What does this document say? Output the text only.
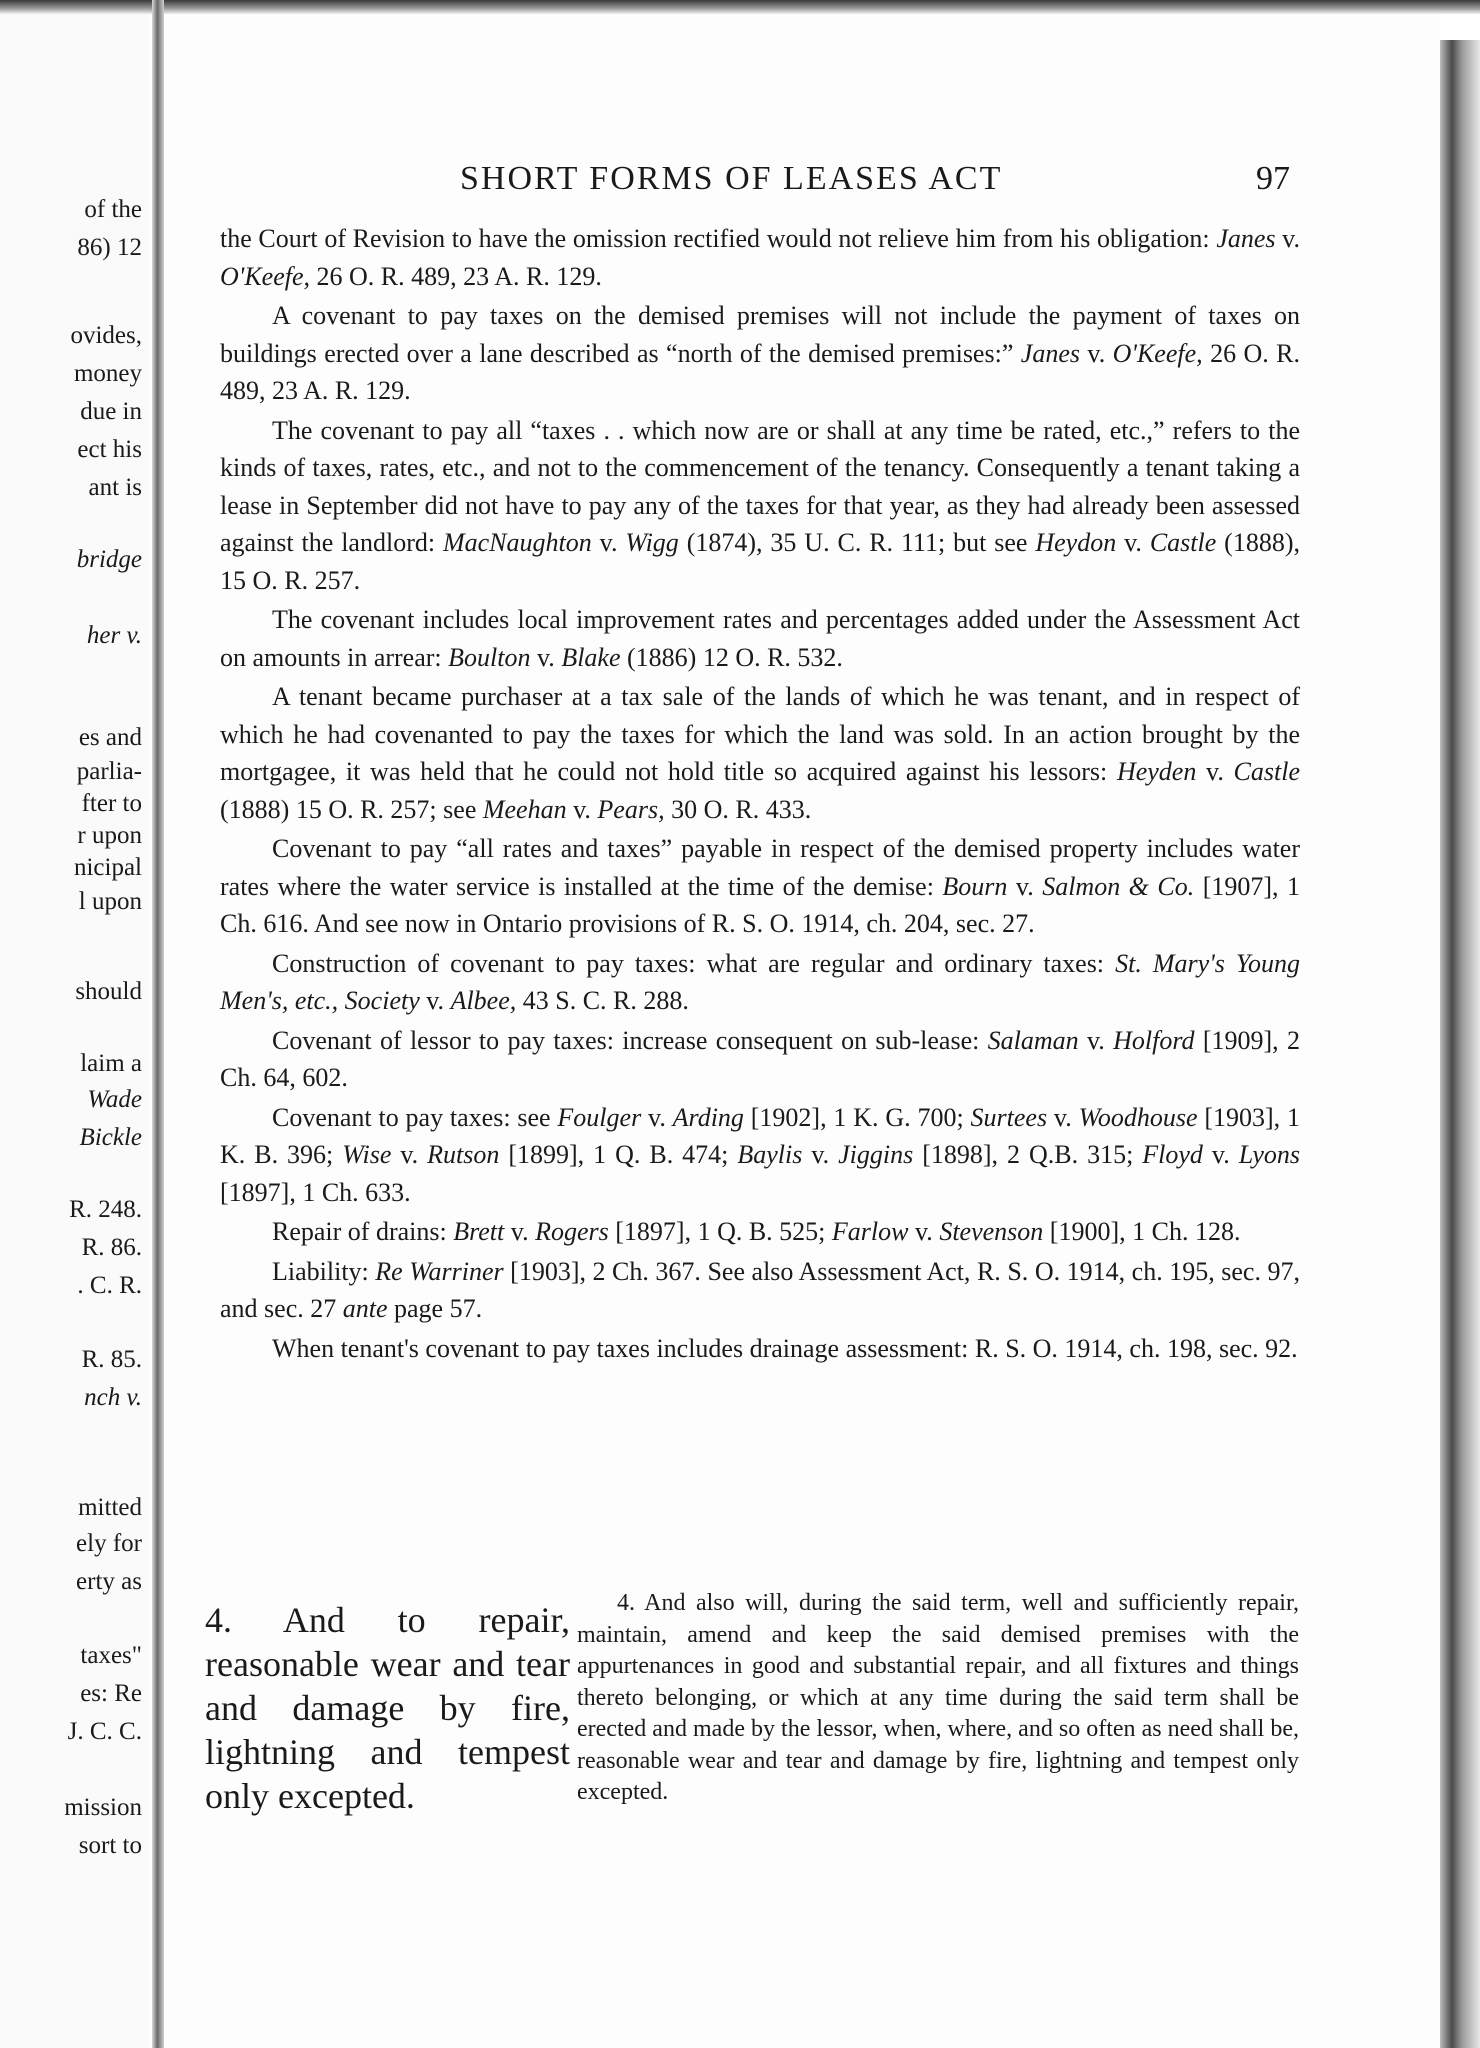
of the
86) 12
ovides,
money
due in
ect his
ant is
bridge
her v.
es and
parlia-
fter to
r upon
nicipal
l upon
should
laim a
Wade
Bickle
R. 248.
R. 86.
. C. R.
R. 85.
nch v.
mitted
ely for
erty as
taxes"
es: Re
J. C. C.
mission
sort to
SHORT FORMS OF LEASES ACT	97

the Court of Revision to have the omission rectified would not relieve him from his obligation: Janes v. O'Keefe, 26 O. R. 489, 23 A. R. 129.

A covenant to pay taxes on the demised premises will not include the payment of taxes on buildings erected over a lane described as “north of the demised premises:” Janes v. O'Keefe, 26 O. R. 489, 23 A. R. 129.

The covenant to pay all “taxes . . which now are or shall at any time be rated, etc.,” refers to the kinds of taxes, rates, etc., and not to the commencement of the tenancy. Consequently a tenant taking a lease in September did not have to pay any of the taxes for that year, as they had already been assessed against the landlord: MacNaughton v. Wigg (1874), 35 U. C. R. 111; but see Heydon v. Castle (1888), 15 O. R. 257.

The covenant includes local improvement rates and percentages added under the Assessment Act on amounts in arrear: Boulton v. Blake (1886) 12 O. R. 532.

A tenant became purchaser at a tax sale of the lands of which he was tenant, and in respect of which he had covenanted to pay the taxes for which the land was sold. In an action brought by the mortgagee, it was held that he could not hold title so acquired against his lessors: Heyden v. Castle (1888) 15 O. R. 257; see Meehan v. Pears, 30 O. R. 433.

Covenant to pay “all rates and taxes” payable in respect of the demised property includes water rates where the water service is installed at the time of the demise: Bourn v. Salmon & Co. [1907], 1 Ch. 616. And see now in Ontario provisions of R. S. O. 1914, ch. 204, sec. 27.

Construction of covenant to pay taxes: what are regular and ordinary taxes: St. Mary's Young Men's, etc., Society v. Albee, 43 S. C. R. 288.

Covenant of lessor to pay taxes: increase consequent on sub-lease: Salaman v. Holford [1909], 2 Ch. 64, 602.

Covenant to pay taxes: see Foulger v. Arding [1902], 1 K. G. 700; Surtees v. Woodhouse [1903], 1 K. B. 396; Wise v. Rutson [1899], 1 Q. B. 474; Baylis v. Jiggins [1898], 2 Q.B. 315; Floyd v. Lyons [1897], 1 Ch. 633.

Repair of drains: Brett v. Rogers [1897], 1 Q. B. 525; Farlow v. Stevenson [1900], 1 Ch. 128.

Liability: Re Warriner [1903], 2 Ch. 367. See also Assessment Act, R. S. O. 1914, ch. 195, sec. 97, and sec. 27 ante page 57.

When tenant's covenant to pay taxes includes drainage assessment: R. S. O. 1914, ch. 198, sec. 92.

4. And to repair, reasonable wear and tear and damage by fire, lightning and tempest only excepted.
4. And also will, during the said term, well and sufficiently repair, maintain, amend and keep the said demised premises with the appurtenances in good and substantial repair, and all fixtures and things thereto belonging, or which at any time during the said term shall be erected and made by the lessor, when, where, and so often as need shall be, reasonable wear and tear and damage by fire, lightning and tempest only excepted.
